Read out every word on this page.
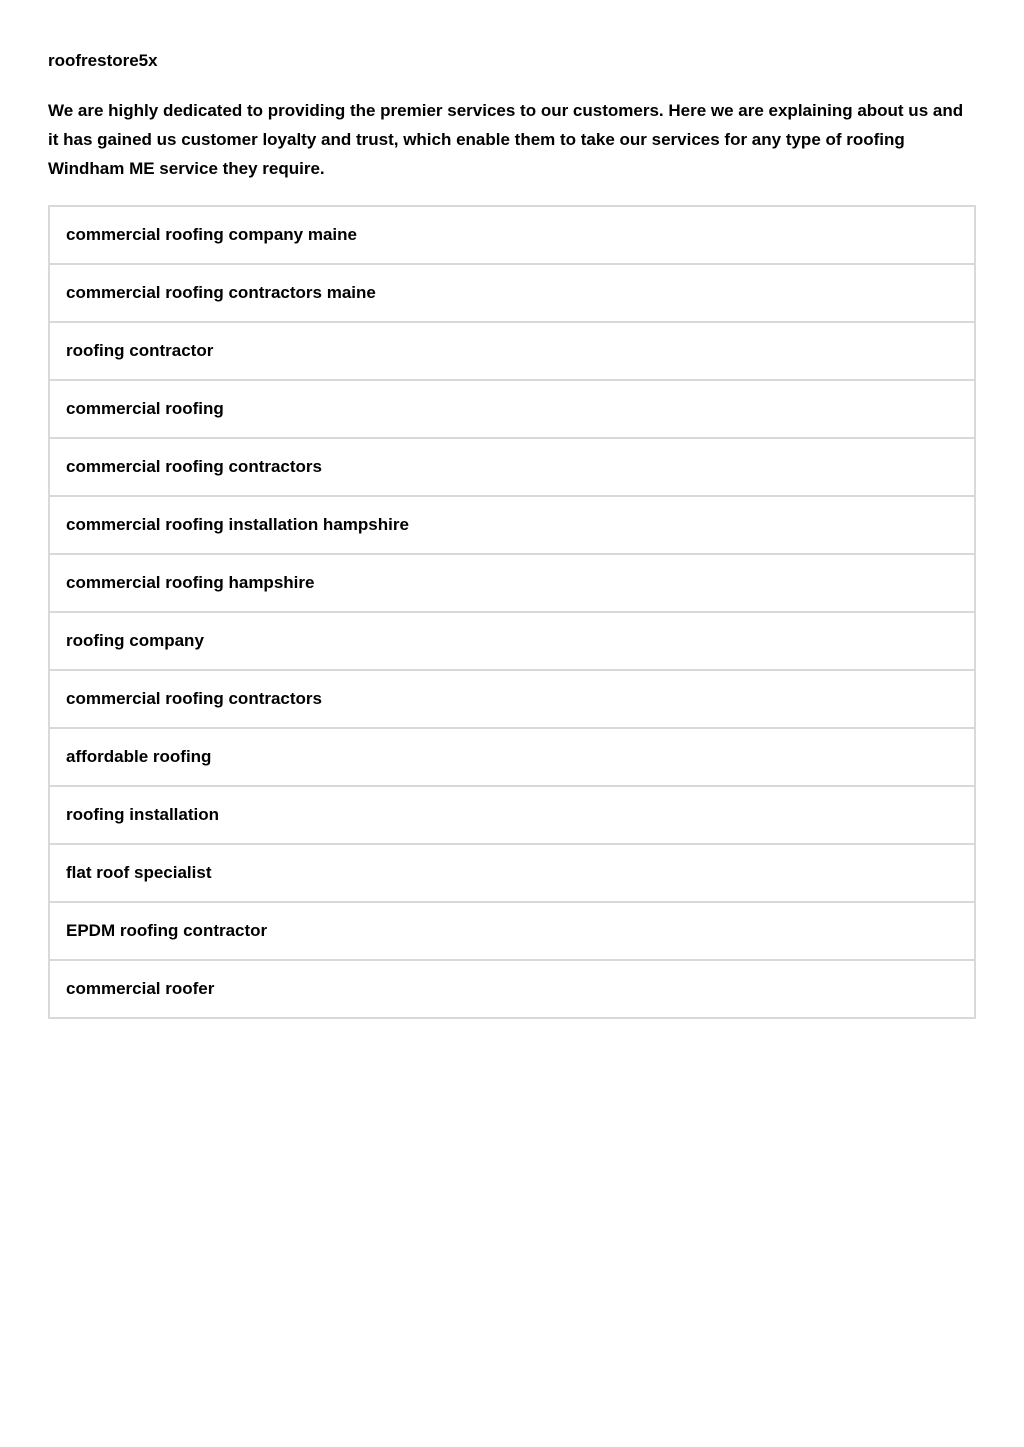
roofrestore5x

We are highly dedicated to providing the premier services to our customers. Here we are explaining about us and it has gained us customer loyalty and trust, which enable them to take our services for any type of roofing Windham ME service they require.

commercial roofing company maine
commercial roofing contractors maine
roofing contractor
commercial roofing
commercial roofing contractors
commercial roofing installation hampshire
commercial roofing hampshire
roofing company
commercial roofing contractors
affordable roofing
roofing installation
flat roof specialist
EPDM roofing contractor
commercial roofer
